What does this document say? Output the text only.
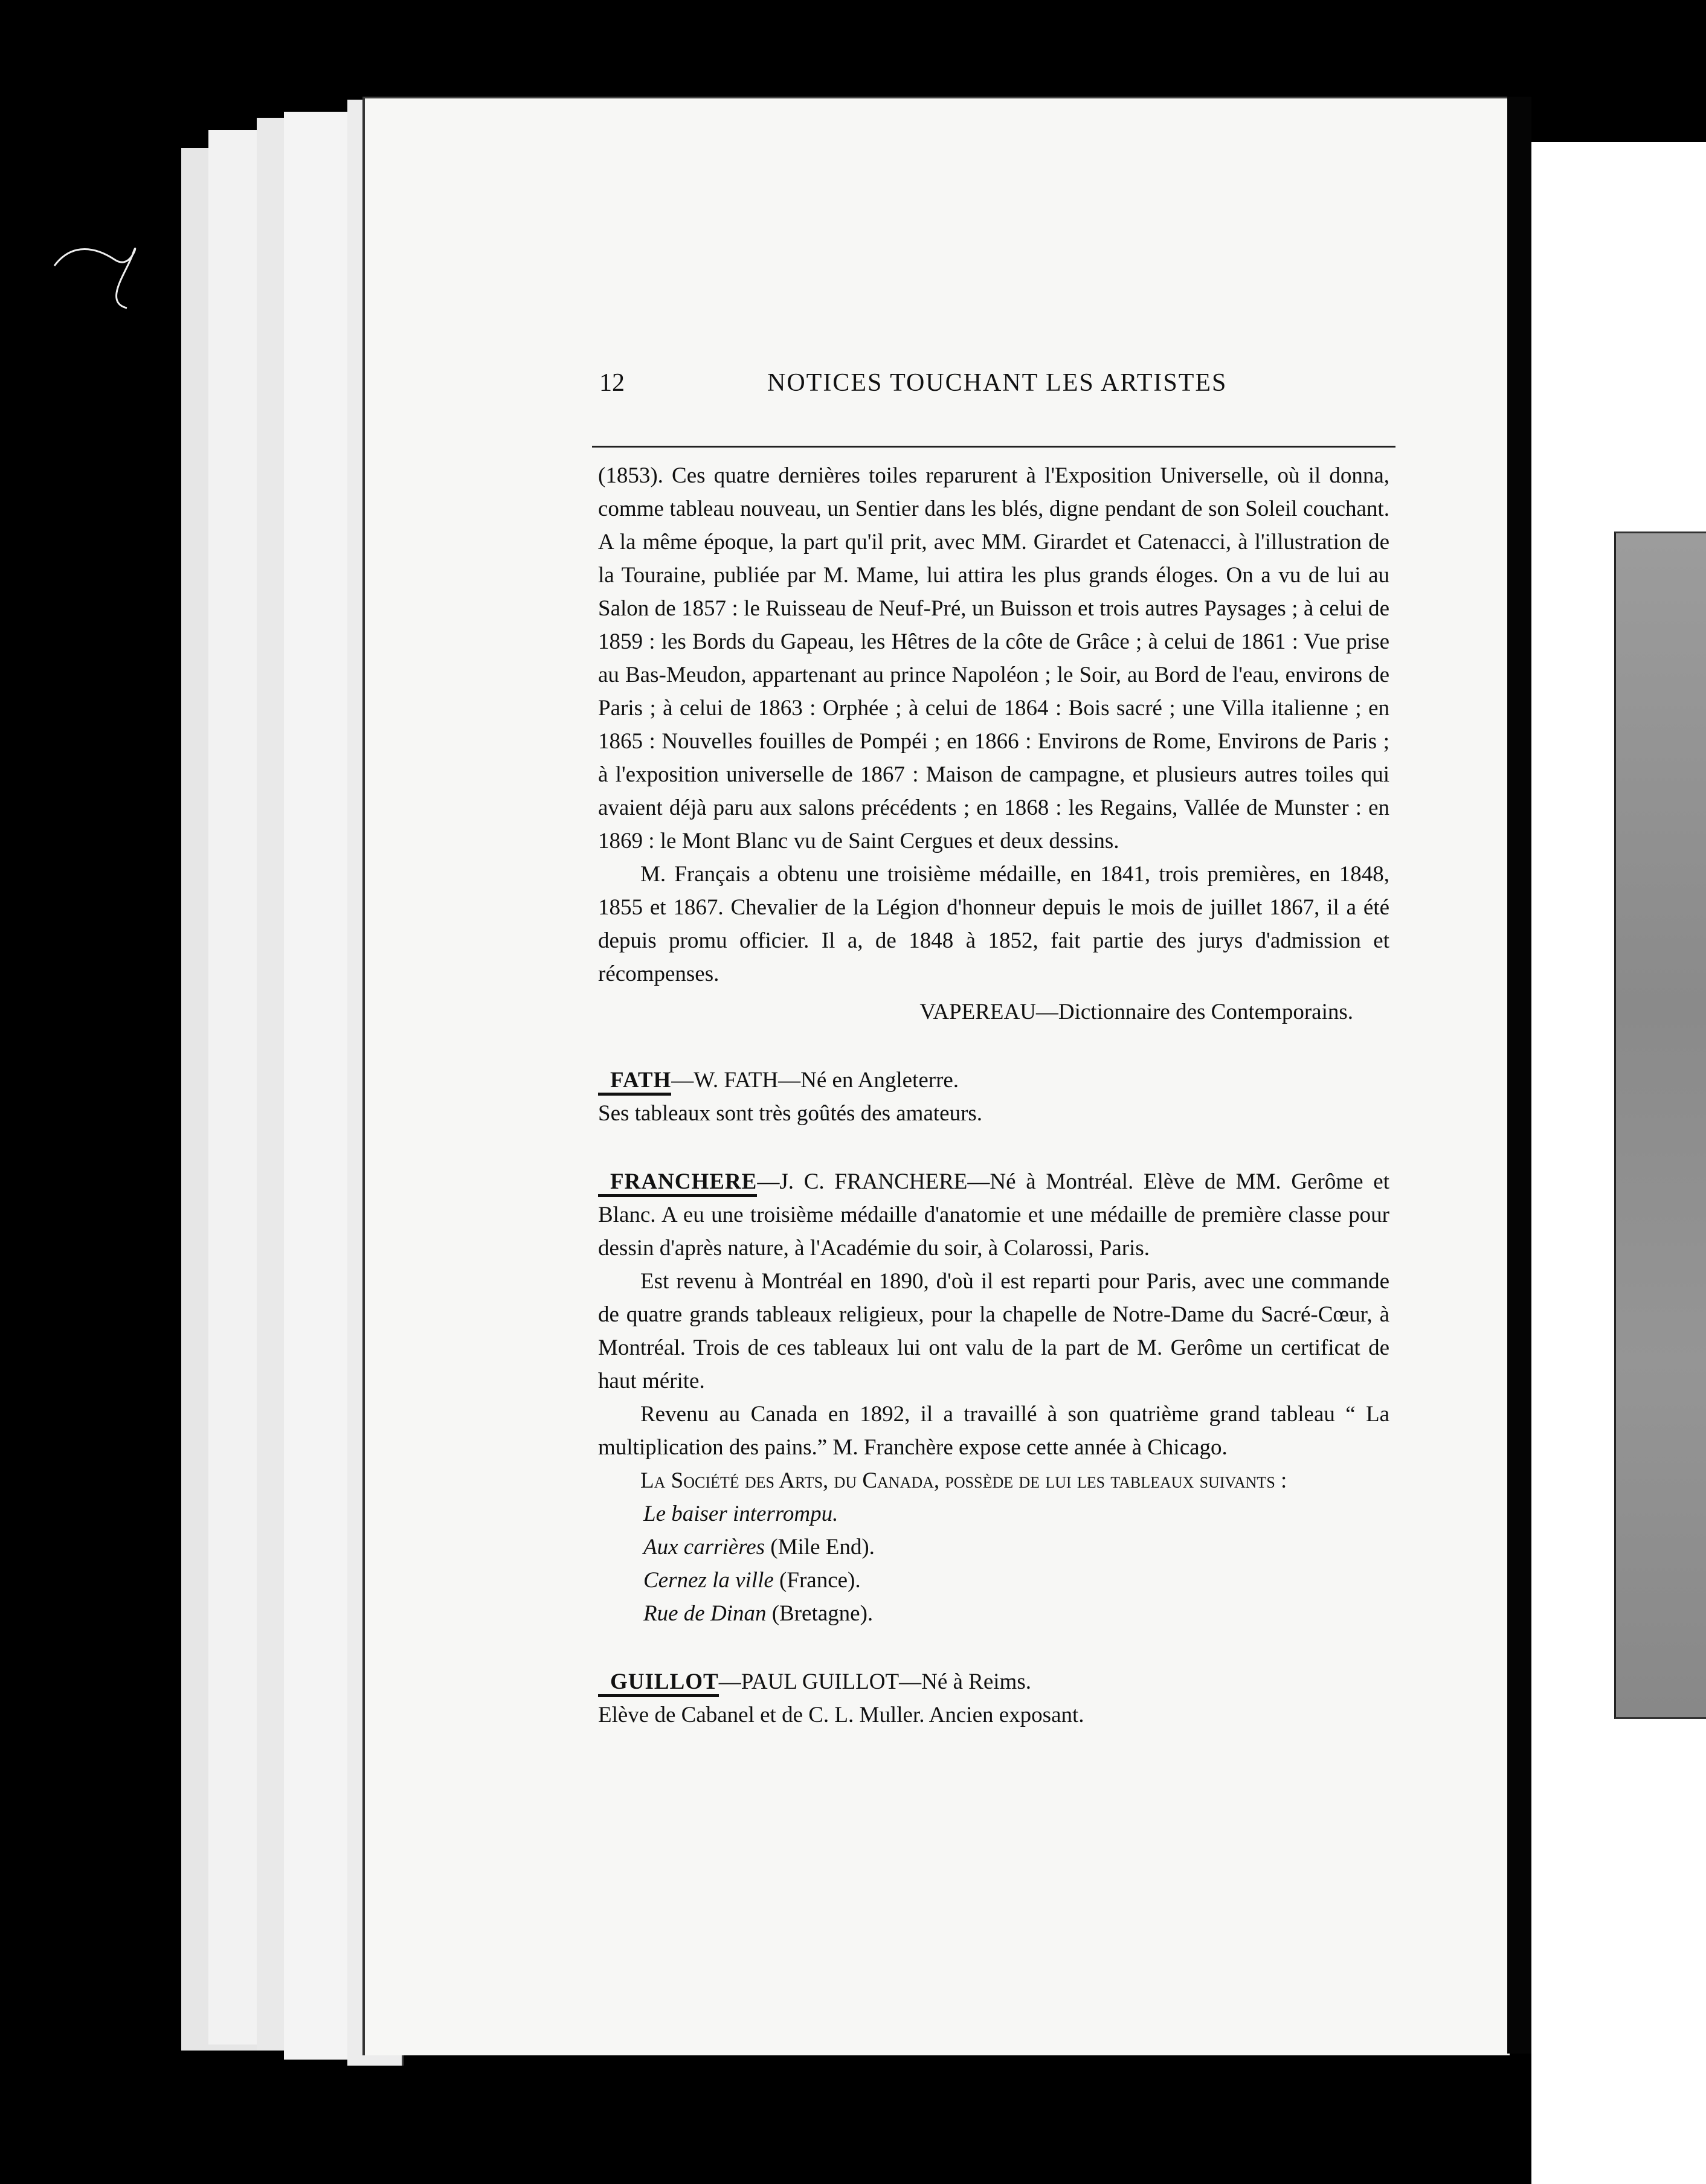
12	NOTICES TOUCHANT LES ARTISTES

(1853). Ces quatre dernières toiles reparurent à l'Exposition Universelle, où il donna, comme tableau nouveau, un Sentier dans les blés, digne pendant de son Soleil couchant. A la même époque, la part qu'il prit, avec MM. Girardet et Catenacci, à l'illustration de la Touraine, publiée par M. Mame, lui attira les plus grands éloges. On a vu de lui au Salon de 1857 : le Ruisseau de Neuf-Pré, un Buisson et trois autres Paysages ; à celui de 1859 : les Bords du Gapeau, les Hêtres de la côte de Grâce ; à celui de 1861 : Vue prise au Bas-Meudon, appartenant au prince Napoléon ; le Soir, au Bord de l'eau, environs de Paris ; à celui de 1863 : Orphée ; à celui de 1864 : Bois sacré ; une Villa italienne ; en 1865 : Nouvelles fouilles de Pompéi ; en 1866 : Environs de Rome, Environs de Paris ; à l'exposition universelle de 1867 : Maison de campagne, et plusieurs autres toiles qui avaient déjà paru aux salons précédents ; en 1868 : les Regains, Vallée de Munster : en 1869 : le Mont Blanc vu de Saint Cergues et deux dessins.

M. Français a obtenu une troisième médaille, en 1841, trois premières, en 1848, 1855 et 1867. Chevalier de la Légion d'honneur depuis le mois de juillet 1867, il a été depuis promu officier. Il a, de 1848 à 1852, fait partie des jurys d'admission et récompenses.

VAPEREAU—Dictionnaire des Contemporains.

FATH—W. FATH—Né en Angleterre.

Ses tableaux sont très goûtés des amateurs.

FRANCHERE—J. C. FRANCHERE—Né à Montréal. Elève de MM. Gerôme et Blanc. A eu une troisième médaille d'anatomie et une médaille de première classe pour dessin d'après nature, à l'Académie du soir, à Colarossi, Paris.

Est revenu à Montréal en 1890, d'où il est reparti pour Paris, avec une commande de quatre grands tableaux religieux, pour la chapelle de Notre-Dame du Sacré-Cœur, à Montréal. Trois de ces tableaux lui ont valu de la part de M. Gerôme un certificat de haut mérite.

Revenu au Canada en 1892, il a travaillé à son quatrième grand tableau “ La multiplication des pains.” M. Franchère expose cette année à Chicago.

La Société des Arts, du Canada, possède de lui les tableaux suivants :

Le baiser interrompu.
Aux carrières (Mile End).
Cernez la ville (France).
Rue de Dinan (Bretagne).

GUILLOT—PAUL GUILLOT—Né à Reims.

Elève de Cabanel et de C. L. Muller. Ancien exposant.
